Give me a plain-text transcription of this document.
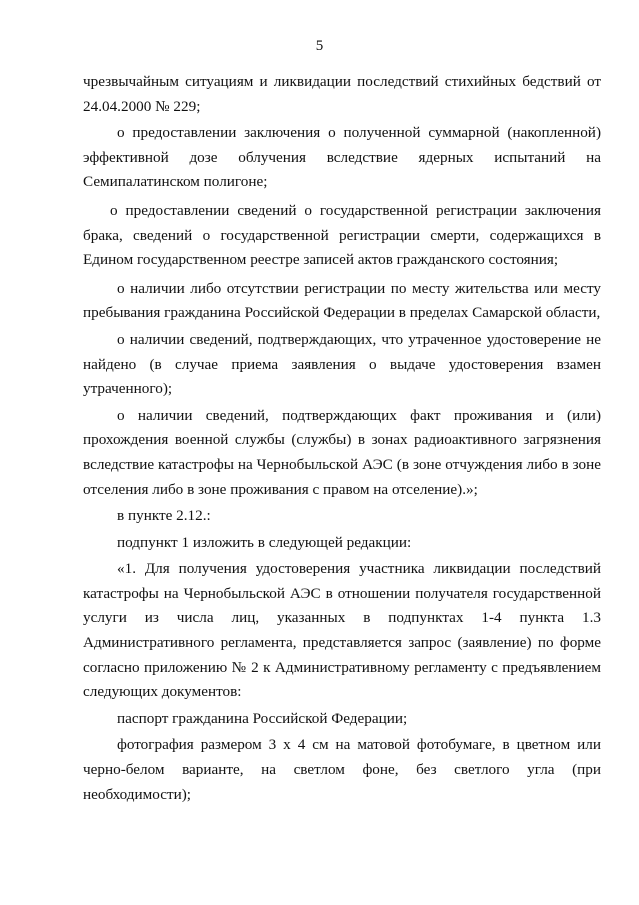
5

чрезвычайным ситуациям и ликвидации последствий стихийных бедствий от 24.04.2000 № 229;

о предоставлении заключения о полученной суммарной (накопленной) эффективной дозе облучения вследствие ядерных испытаний на Семипалатинском полигоне;

о предоставлении сведений о государственной регистрации заключения брака, сведений о государственной регистрации смерти, содержащихся в Едином государственном реестре записей актов гражданского состояния;

о наличии либо отсутствии регистрации по месту жительства или месту пребывания гражданина Российской Федерации в пределах Самарской области,

о наличии сведений, подтверждающих, что утраченное удостоверение не найдено (в случае приема заявления о выдаче удостоверения взамен утраченного);

о наличии сведений, подтверждающих факт проживания и (или) прохождения военной службы (службы) в зонах радиоактивного загрязнения вследствие катастрофы на Чернобыльской АЭС (в зоне отчуждения либо в зоне отселения либо в зоне проживания с правом на отселение).»;

в пункте 2.12.:

подпункт 1 изложить в следующей редакции:

«1. Для получения удостоверения участника ликвидации последствий катастрофы на Чернобыльской АЭС в отношении получателя государственной услуги из числа лиц, указанных в подпунктах 1-4 пункта 1.3 Административного регламента, представляется запрос (заявление) по форме согласно приложению № 2 к Административному регламенту с предъявлением следующих документов:

паспорт гражданина Российской Федерации;

фотография размером 3 х 4 см на матовой фотобумаге, в цветном или черно-белом варианте, на светлом фоне, без светлого угла (при необходимости);
